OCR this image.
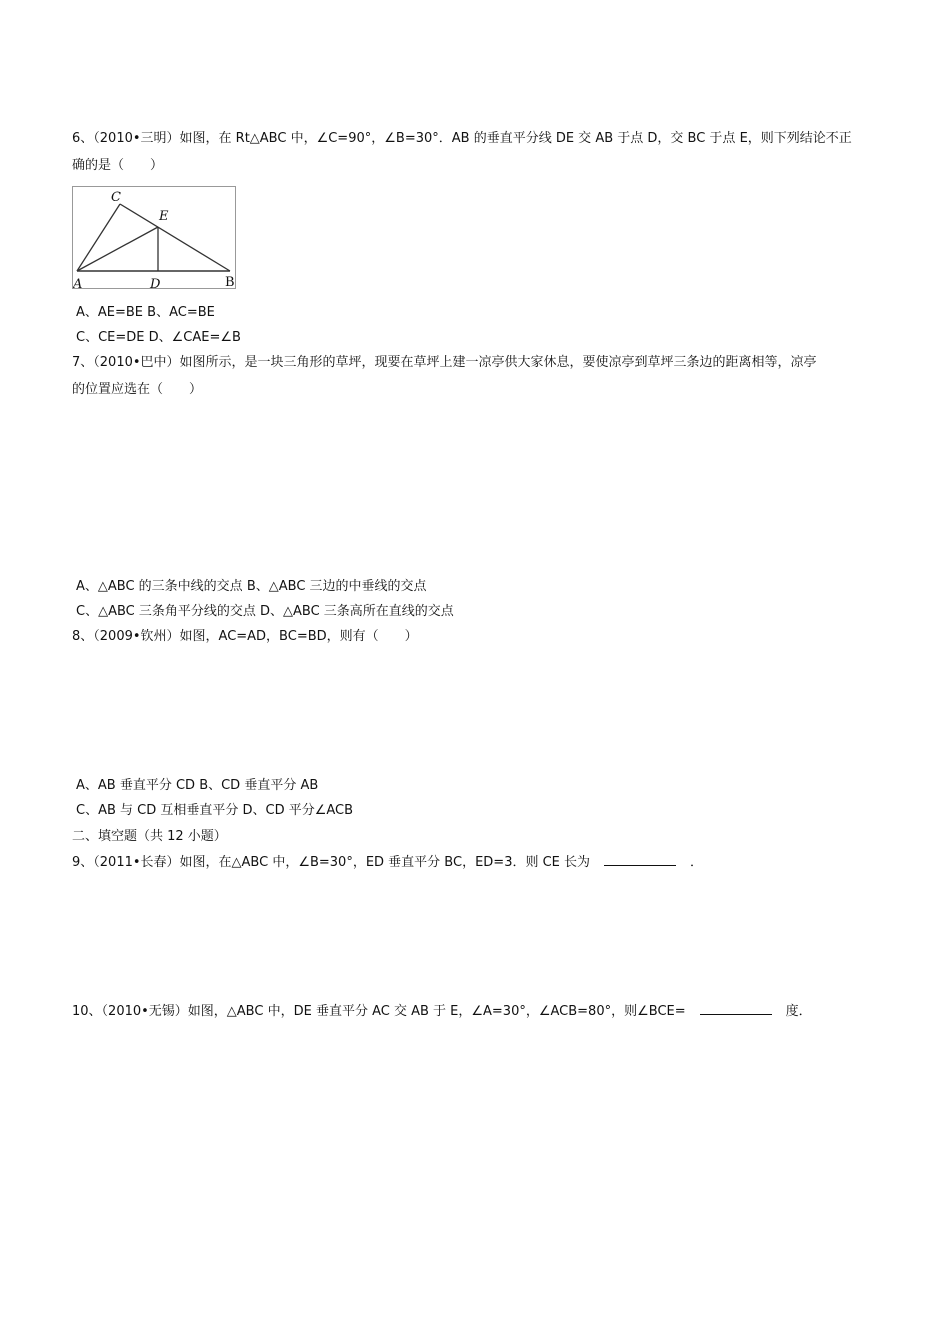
6、（2010•三明）如图，在 Rt△ABC 中，∠C=90°，∠B=30°．AB 的垂直平分线 DE 交 AB 于点 D，交 BC 于点 E，则下列结论不正
确的是（　　）
C
E
A	D	B
A、AE=BE B、AC=BE
C、CE=DE D、∠CAE=∠B
7、（2010•巴中）如图所示，是一块三角形的草坪，现要在草坪上建一凉亭供大家休息，要使凉亭到草坪三条边的距离相等，凉亭
的位置应选在（　　）
A、△ABC 的三条中线的交点 B、△ABC 三边的中垂线的交点
C、△ABC 三条角平分线的交点 D、△ABC 三条高所在直线的交点
8、（2009•钦州）如图，AC=AD，BC=BD，则有（　　）
A、AB 垂直平分 CD B、CD 垂直平分 AB
C、AB 与 CD 互相垂直平分 D、CD 平分∠ACB
二、填空题（共 12 小题）
9、（2011•长春）如图，在△ABC 中，∠B=30°，ED 垂直平分 BC，ED=3．则 CE 长为	．
10、（2010•无锡）如图，△ABC 中，DE 垂直平分 AC 交 AB 于 E，∠A=30°，∠ACB=80°，则∠BCE=	度．
